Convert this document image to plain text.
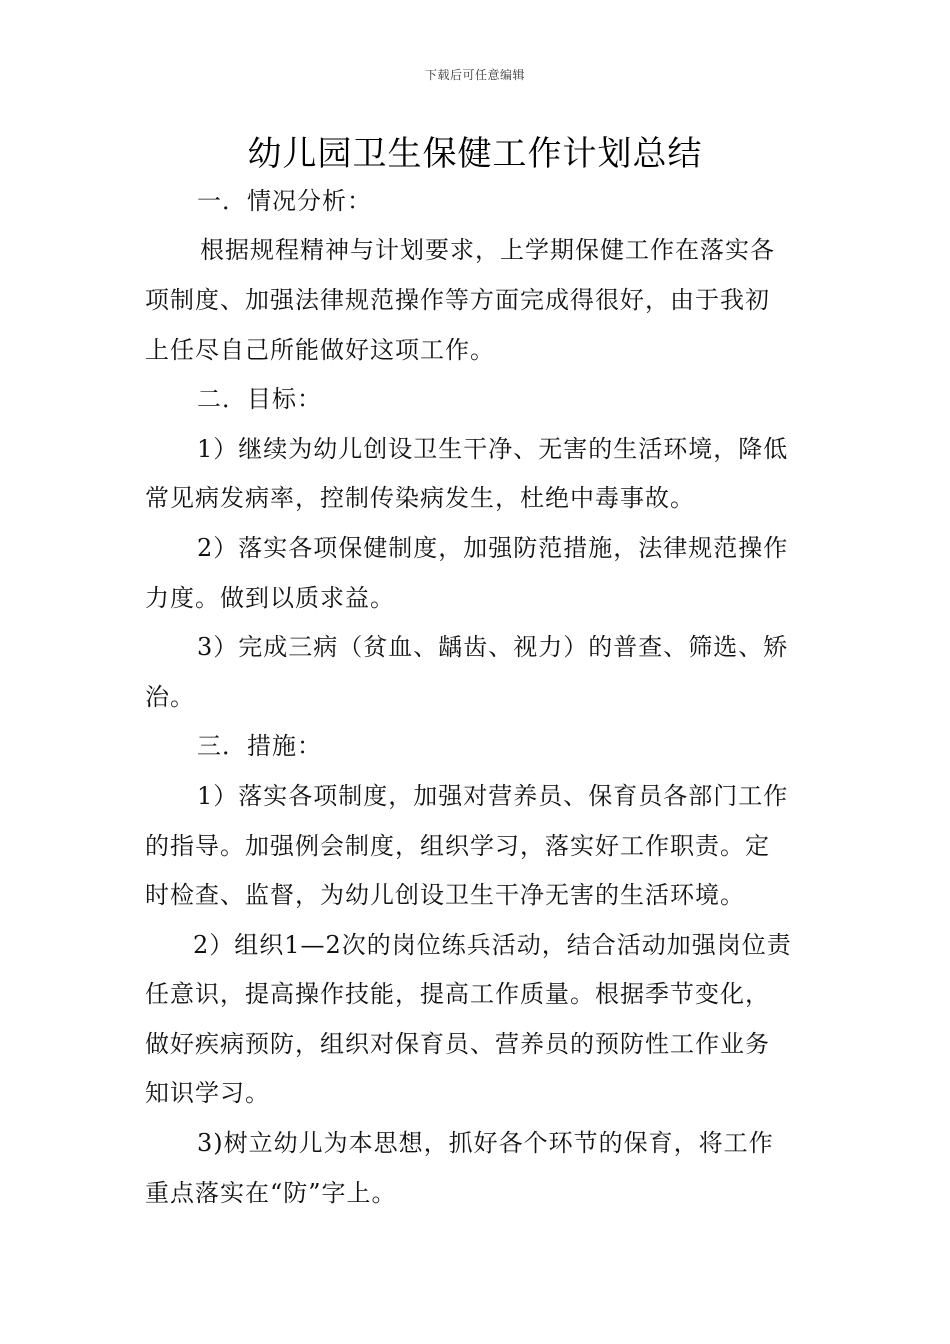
下载后可任意编辑
幼儿园卫生保健工作计划总结
一．情况分析：
根据规程精神与计划要求，上学期保健工作在落实各
项制度、加强法律规范操作等方面完成得很好，由于我初
上任尽自己所能做好这项工作。
二．目标：
1）继续为幼儿创设卫生干净、无害的生活环境，降低
常见病发病率，控制传染病发生，杜绝中毒事故。
2）落实各项保健制度，加强防范措施，法律规范操作
力度。做到以质求益。
3）完成三病（贫血、龋齿、视力）的普查、筛选、矫
治。
三．措施：
1）落实各项制度，加强对营养员、保育员各部门工作
的指导。加强例会制度，组织学习，落实好工作职责。定
时检查、监督，为幼儿创设卫生干净无害的生活环境。
2）组织1—2次的岗位练兵活动，结合活动加强岗位责
任意识，提高操作技能，提高工作质量。根据季节变化，
做好疾病预防，组织对保育员、营养员的预防性工作业务
知识学习。
3)树立幼儿为本思想，抓好各个环节的保育，将工作
重点落实在“防”字上。
